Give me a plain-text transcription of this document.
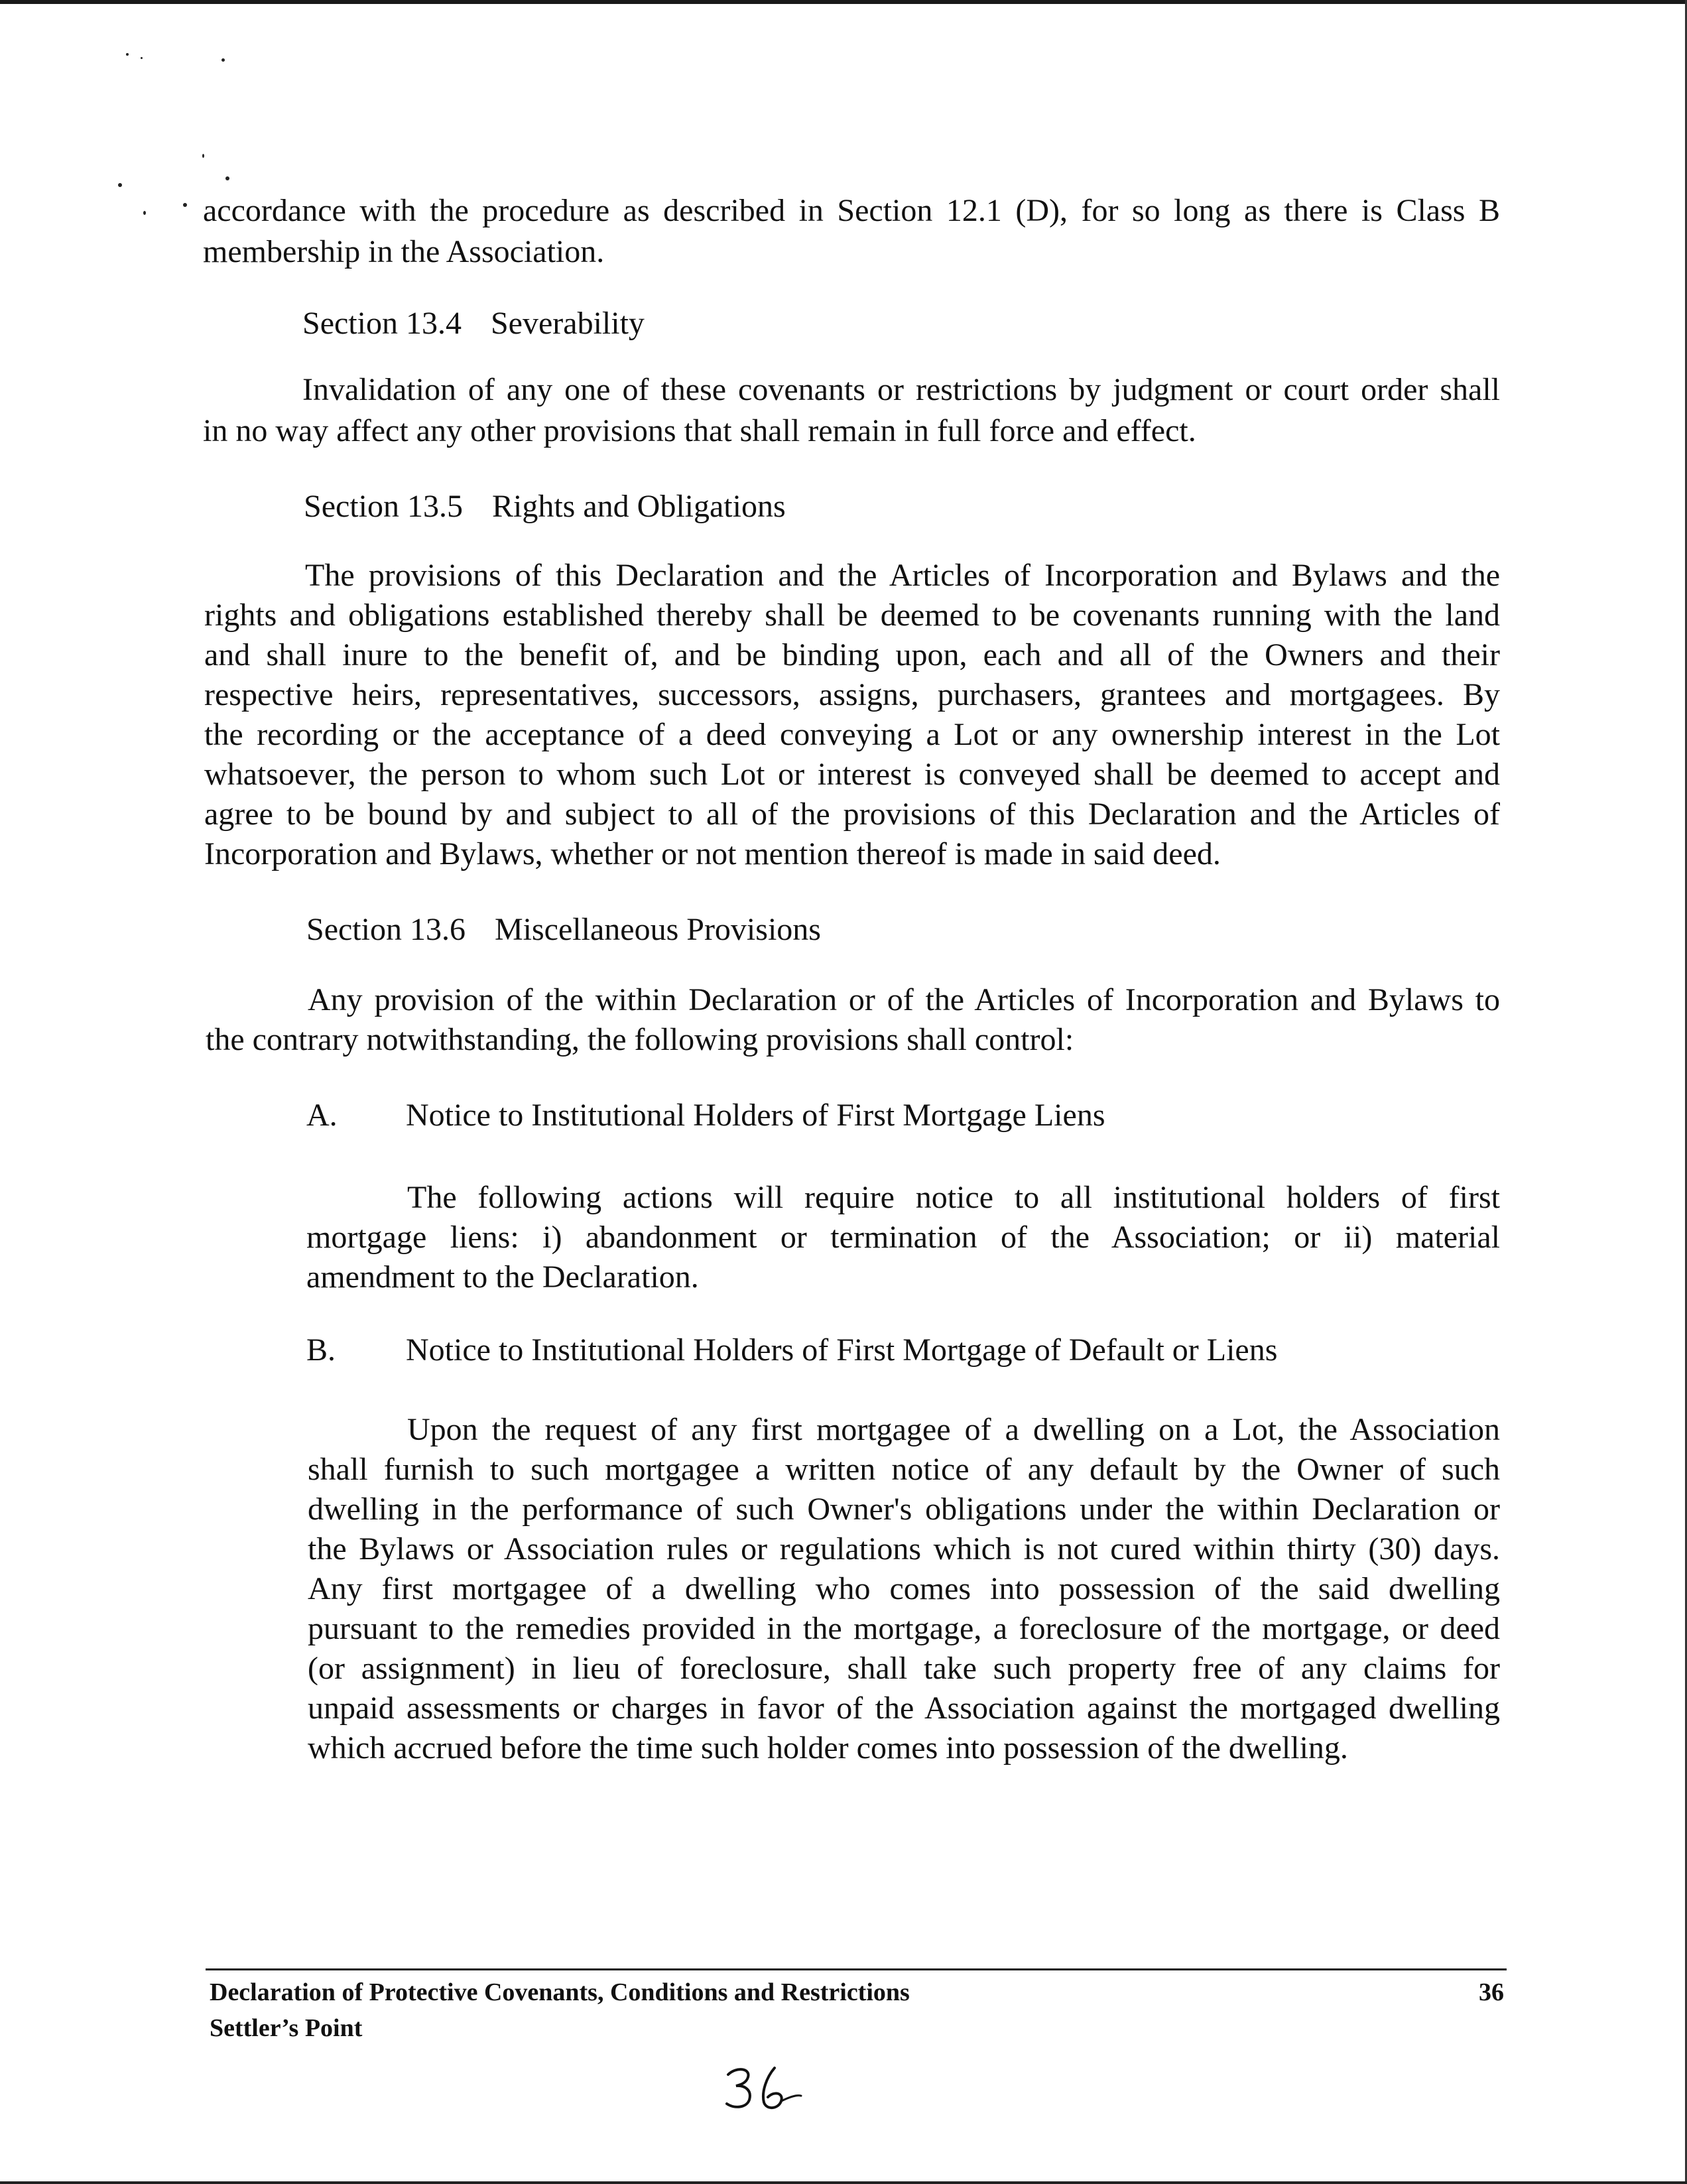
accordance with the procedure as described in Section 12.1 (D), for so long as there is Class B
membership in the Association.
Section 13.4 Severability
Invalidation of any one of these covenants or restrictions by judgment or court order shall
in no way affect any other provisions that shall remain in full force and effect.
Section 13.5 Rights and Obligations
The provisions of this Declaration and the Articles of Incorporation and Bylaws and the
rights and obligations established thereby shall be deemed to be covenants running with the land
and shall inure to the benefit of, and be binding upon, each and all of the Owners and their
respective heirs, representatives, successors, assigns, purchasers, grantees and mortgagees. By
the recording or the acceptance of a deed conveying a Lot or any ownership interest in the Lot
whatsoever, the person to whom such Lot or interest is conveyed shall be deemed to accept and
agree to be bound by and subject to all of the provisions of this Declaration and the Articles of
Incorporation and Bylaws, whether or not mention thereof is made in said deed.
Section 13.6 Miscellaneous Provisions
Any provision of the within Declaration or of the Articles of Incorporation and Bylaws to
the contrary notwithstanding, the following provisions shall control:
A. Notice to Institutional Holders of First Mortgage Liens
The following actions will require notice to all institutional holders of first
mortgage liens: i) abandonment or termination of the Association; or ii) material
amendment to the Declaration.
B. Notice to Institutional Holders of First Mortgage of Default or Liens
Upon the request of any first mortgagee of a dwelling on a Lot, the Association
shall furnish to such mortgagee a written notice of any default by the Owner of such
dwelling in the performance of such Owner's obligations under the within Declaration or
the Bylaws or Association rules or regulations which is not cured within thirty (30) days.
Any first mortgagee of a dwelling who comes into possession of the said dwelling
pursuant to the remedies provided in the mortgage, a foreclosure of the mortgage, or deed
(or assignment) in lieu of foreclosure, shall take such property free of any claims for
unpaid assessments or charges in favor of the Association against the mortgaged dwelling
which accrued before the time such holder comes into possession of the dwelling.
Declaration of Protective Covenants, Conditions and Restrictions
Settler’s Point
36
